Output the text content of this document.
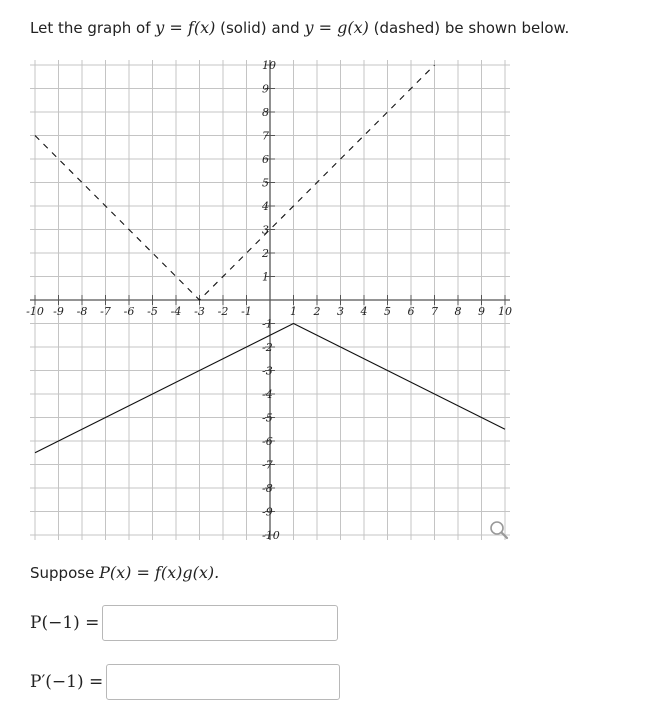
Let the graph of y = f(x) (solid) and y = g(x) (dashed) be shown below.
-10 -9 -8 -7 -6 -5 -4 -3 -2 -1	1 2 3 4 5 6 7 8 9 10
10
9
8
7
6
5
4
3
2
1
-1
-2
-3
-4
-5
-6
-7
-8
-9
-10
Suppose P(x) = f(x)g(x).
P(−1) =
P′(−1) =
